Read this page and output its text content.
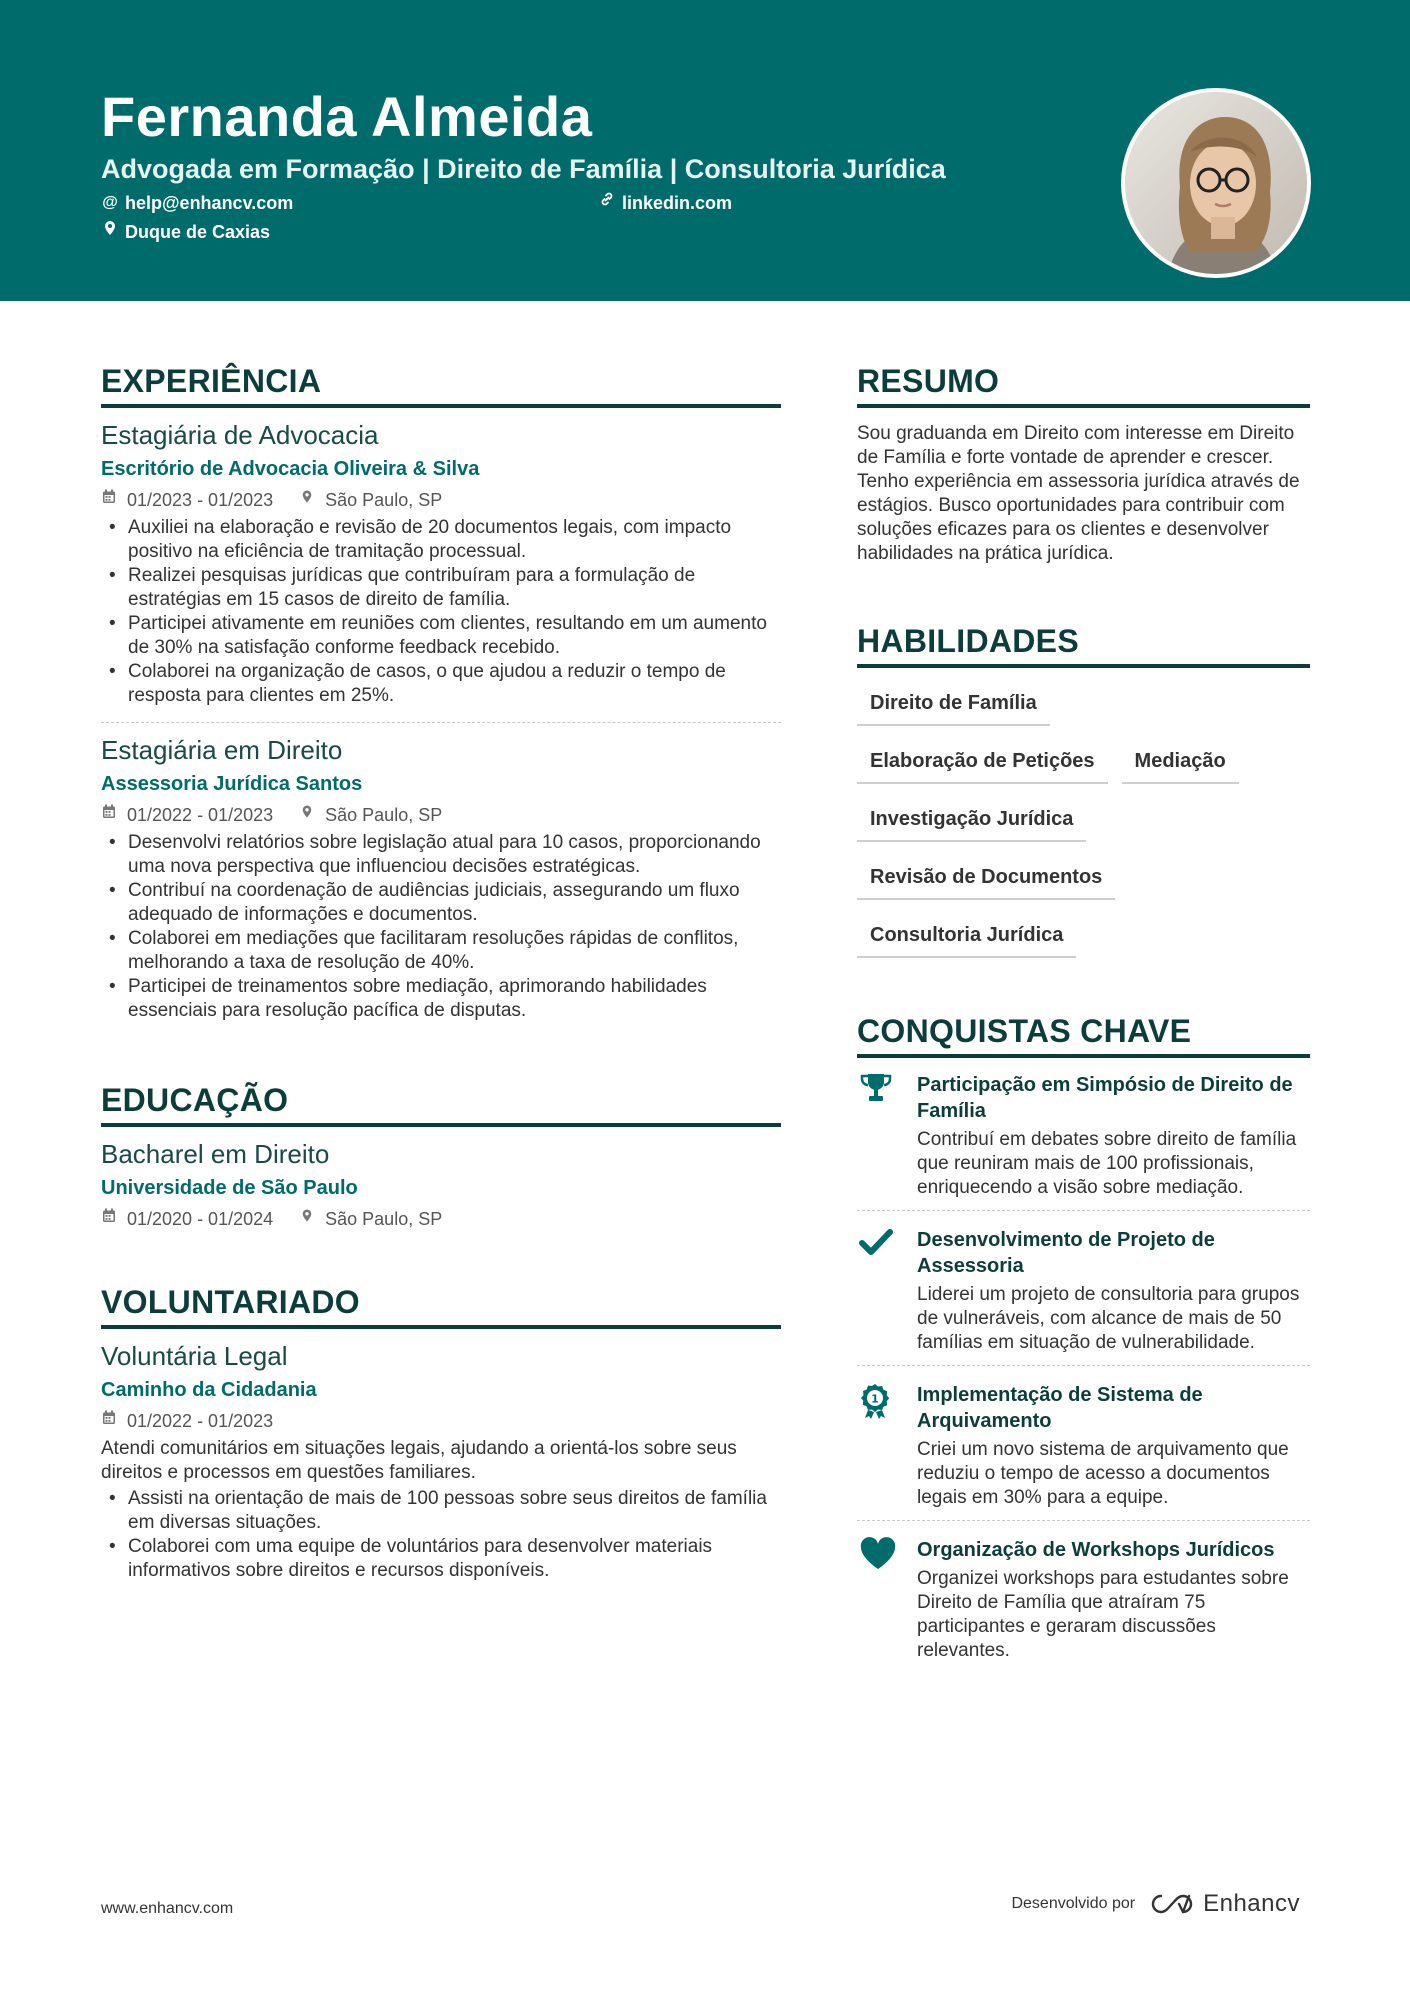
Fernanda Almeida
Advogada em Formação | Direito de Família | Consultoria Jurídica
@ help@enhancv.com	linkedin.com
Duque de Caxias
EXPERIÊNCIA
Estagiária de Advocacia
Escritório de Advocacia Oliveira & Silva
01/2023 - 01/2023	São Paulo, SP
• Auxiliei na elaboração e revisão de 20 documentos legais, com impacto positivo na eficiência de tramitação processual.
• Realizei pesquisas jurídicas que contribuíram para a formulação de estratégias em 15 casos de direito de família.
• Participei ativamente em reuniões com clientes, resultando em um aumento de 30% na satisfação conforme feedback recebido.
• Colaborei na organização de casos, o que ajudou a reduzir o tempo de resposta para clientes em 25%.
Estagiária em Direito
Assessoria Jurídica Santos
01/2022 - 01/2023	São Paulo, SP
• Desenvolvi relatórios sobre legislação atual para 10 casos, proporcionando uma nova perspectiva que influenciou decisões estratégicas.
• Contribuí na coordenação de audiências judiciais, assegurando um fluxo adequado de informações e documentos.
• Colaborei em mediações que facilitaram resoluções rápidas de conflitos, melhorando a taxa de resolução de 40%.
• Participei de treinamentos sobre mediação, aprimorando habilidades essenciais para resolução pacífica de disputas.
EDUCAÇÃO
Bacharel em Direito
Universidade de São Paulo
01/2020 - 01/2024	São Paulo, SP
VOLUNTARIADO
Voluntária Legal
Caminho da Cidadania
01/2022 - 01/2023
Atendi comunitários em situações legais, ajudando a orientá-los sobre seus direitos e processos em questões familiares.
• Assisti na orientação de mais de 100 pessoas sobre seus direitos de família em diversas situações.
• Colaborei com uma equipe de voluntários para desenvolver materiais informativos sobre direitos e recursos disponíveis.
RESUMO
Sou graduanda em Direito com interesse em Direito de Família e forte vontade de aprender e crescer. Tenho experiência em assessoria jurídica através de estágios. Busco oportunidades para contribuir com soluções eficazes para os clientes e desenvolver habilidades na prática jurídica.
HABILIDADES
Direito de Família
Elaboração de Petições	Mediação
Investigação Jurídica
Revisão de Documentos
Consultoria Jurídica
CONQUISTAS CHAVE
Participação em Simpósio de Direito de Família
Contribuí em debates sobre direito de família que reuniram mais de 100 profissionais, enriquecendo a visão sobre mediação.
Desenvolvimento de Projeto de Assessoria
Liderei um projeto de consultoria para grupos de vulneráveis, com alcance de mais de 50 famílias em situação de vulnerabilidade.
1 Implementação de Sistema de Arquivamento
Criei um novo sistema de arquivamento que reduziu o tempo de acesso a documentos legais em 30% para a equipe.
Organização de Workshops Jurídicos
Organizei workshops para estudantes sobre Direito de Família que atraíram 75 participantes e geraram discussões relevantes.
www.enhancv.com	Desenvolvido por	Enhancv
